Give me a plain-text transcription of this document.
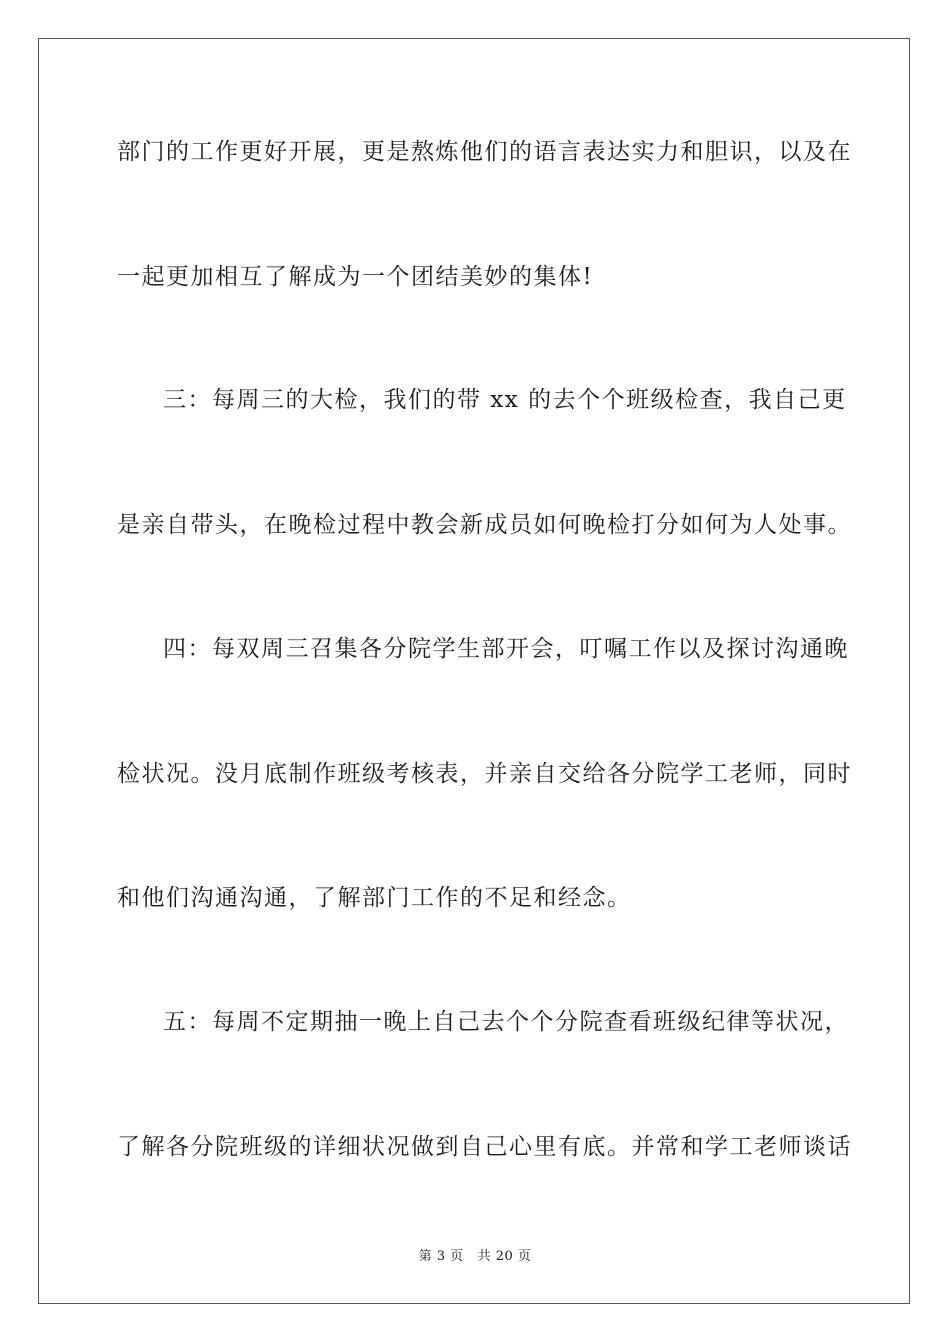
部门的工作更好开展，更是熬炼他们的语言表达实力和胆识，以及在
一起更加相互了解成为一个团结美妙的集体!
三：每周三的大检，我们的带 xx 的去个个班级检查，我自己更
是亲自带头，在晚检过程中教会新成员如何晚检打分如何为人处事。
四：每双周三召集各分院学生部开会，叮嘱工作以及探讨沟通晚
检状况。没月底制作班级考核表，并亲自交给各分院学工老师，同时
和他们沟通沟通，了解部门工作的不足和经念。
五：每周不定期抽一晚上自己去个个分院查看班级纪律等状况，
了解各分院班级的详细状况做到自己心里有底。并常和学工老师谈话
第 3 页 共 20 页
